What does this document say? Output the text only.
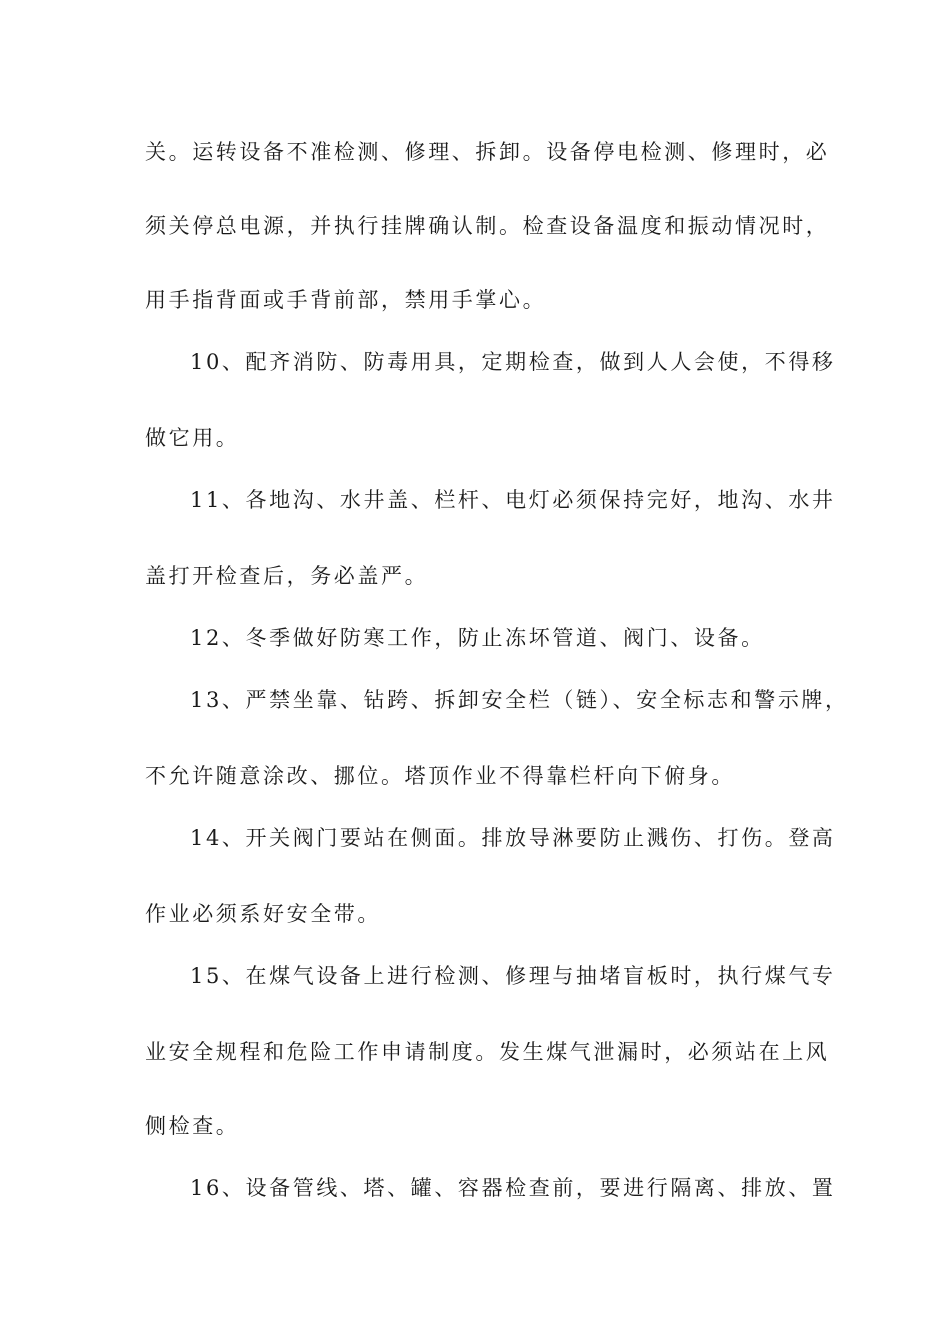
关。运转设备不准检测、修理、拆卸。设备停电检测、修理时，必
须关停总电源，并执行挂牌确认制。检查设备温度和振动情况时，
用手指背面或手背前部，禁用手掌心。
10、配齐消防、防毒用具，定期检查，做到人人会使，不得移
做它用。
11、各地沟、水井盖、栏杆、电灯必须保持完好，地沟、水井
盖打开检查后，务必盖严。
12、冬季做好防寒工作，防止冻坏管道、阀门、设备。
13、严禁坐靠、钻跨、拆卸安全栏（链）、安全标志和警示牌，
不允许随意涂改、挪位。塔顶作业不得靠栏杆向下俯身。
14、开关阀门要站在侧面。排放导淋要防止溅伤、打伤。登高
作业必须系好安全带。
15、在煤气设备上进行检测、修理与抽堵盲板时，执行煤气专
业安全规程和危险工作申请制度。发生煤气泄漏时，必须站在上风
侧检查。
16、设备管线、塔、罐、容器检查前，要进行隔离、排放、置
